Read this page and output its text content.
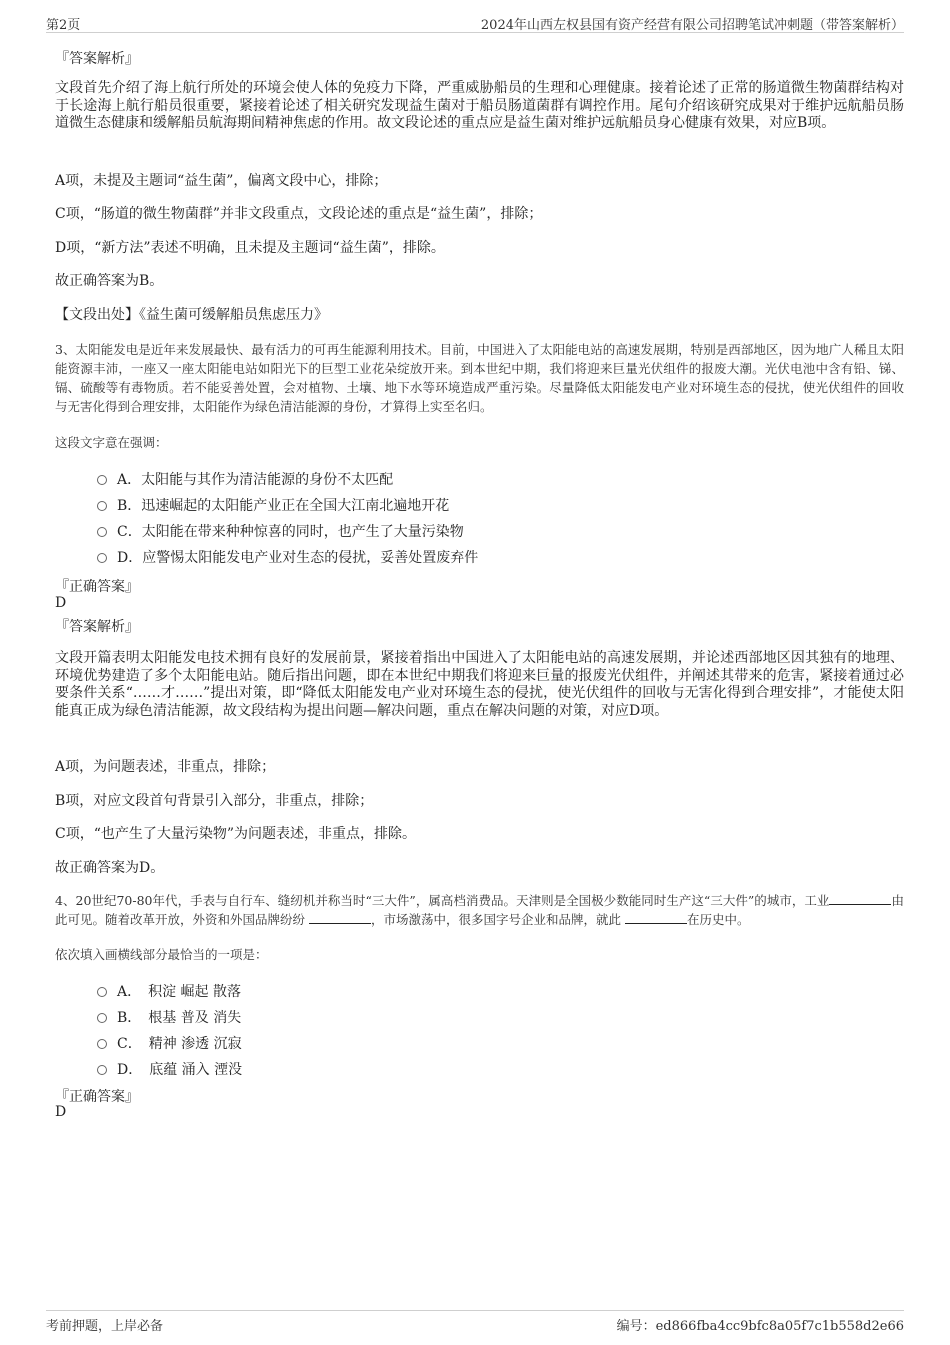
第2页	2024年山西左权县国有资产经营有限公司招聘笔试冲刺题（带答案解析）
『答案解析』
文段首先介绍了海上航行所处的环境会使人体的免疫力下降，严重威胁船员的生理和心理健康。接着论述了正常的肠道微生物菌群结构对于长途海上航行船员很重要，紧接着论述了相关研究发现益生菌对于船员肠道菌群有调控作用。尾句介绍该研究成果对于维护远航船员肠道微生态健康和缓解船员航海期间精神焦虑的作用。故文段论述的重点应是益生菌对维护远航船员身心健康有效果，对应B项。
A项，未提及主题词“益生菌”，偏离文段中心，排除；
C项，“肠道的微生物菌群”并非文段重点，文段论述的重点是“益生菌”，排除；
D项，“新方法”表述不明确，且未提及主题词“益生菌”，排除。
故正确答案为B。
【文段出处】《益生菌可缓解船员焦虑压力》
3、太阳能发电是近年来发展最快、最有活力的可再生能源利用技术。目前，中国进入了太阳能电站的高速发展期，特别是西部地区，因为地广人稀且太阳能资源丰沛，一座又一座太阳能电站如阳光下的巨型工业花朵绽放开来。到本世纪中期，我们将迎来巨量光伏组件的报废大潮。光伏电池中含有铅、锑、镉、硫酸等有毒物质。若不能妥善处置，会对植物、土壤、地下水等环境造成严重污染。尽量降低太阳能发电产业对环境生态的侵扰，使光伏组件的回收与无害化得到合理安排，太阳能作为绿色清洁能源的身份，才算得上实至名归。
这段文字意在强调：
A．太阳能与其作为清洁能源的身份不太匹配
B．迅速崛起的太阳能产业正在全国大江南北遍地开花
C．太阳能在带来种种惊喜的同时，也产生了大量污染物
D．应警惕太阳能发电产业对生态的侵扰，妥善处置废弃件
『正确答案』
D
『答案解析』
文段开篇表明太阳能发电技术拥有良好的发展前景，紧接着指出中国进入了太阳能电站的高速发展期，并论述西部地区因其独有的地理、环境优势建造了多个太阳能电站。随后指出问题，即在本世纪中期我们将迎来巨量的报废光伏组件，并阐述其带来的危害，紧接着通过必要条件关系“……才……”提出对策，即“降低太阳能发电产业对环境生态的侵扰，使光伏组件的回收与无害化得到合理安排”，才能使太阳能真正成为绿色清洁能源，故文段结构为提出问题—解决问题，重点在解决问题的对策，对应D项。
A项，为问题表述，非重点，排除；
B项，对应文段首句背景引入部分，非重点，排除；
C项，“也产生了大量污染物”为问题表述，非重点，排除。
故正确答案为D。
4、20世纪70-80年代，手表与自行车、缝纫机并称当时“三大件”，属高档消费品。天津则是全国极少数能同时生产这“三大件”的城市，工业	由此可见。随着改革开放，外资和外国品牌纷纷	，市场激荡中，很多国字号企业和品牌，就此	在历史中。
依次填入画横线部分最恰当的一项是：
A．　积淀 崛起 散落
B．　根基 普及 消失
C．　精神 渗透 沉寂
D．　底蕴 涌入 湮没
『正确答案』
D
考前押题，上岸必备	编号：ed866fba4cc9bfc8a05f7c1b558d2e66
